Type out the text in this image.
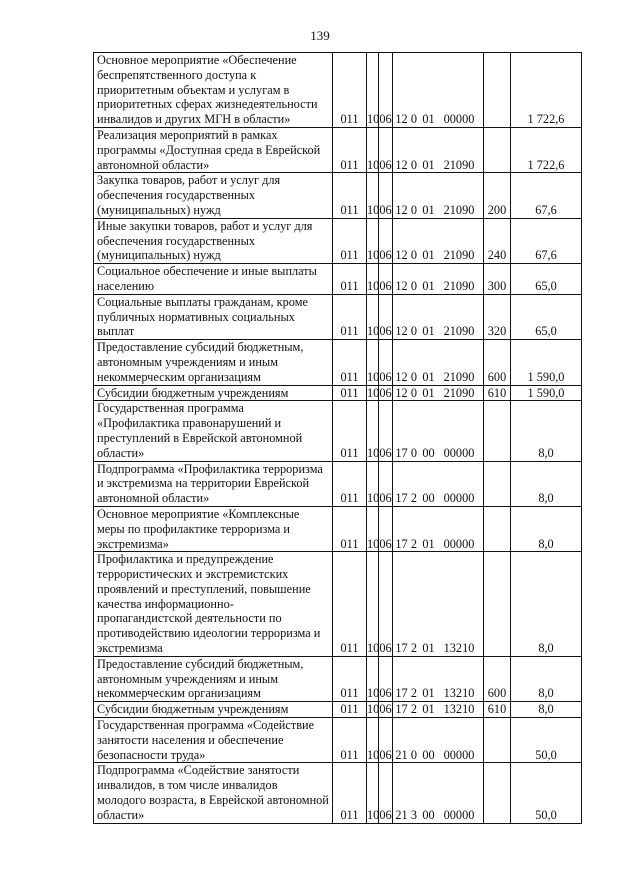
139
Основное мероприятие «Обеспечение беспрепятственного доступа к приоритетным объектам и услугам в приоритетных сферах жизнедеятельности инвалидов и других МГН в области»	011	10	06	12 0 01 00000		1 722,6
Реализация мероприятий в рамках программы «Доступная среда в Еврейской автономной области»	011	10	06	12 0 01 21090		1 722,6
Закупка товаров, работ и услуг для обеспечения государственных (муниципальных) нужд	011	10	06	12 0 01 21090	200	67,6
Иные закупки товаров, работ и услуг для обеспечения государственных (муниципальных) нужд	011	10	06	12 0 01 21090	240	67,6
Социальное обеспечение и иные выплаты населению	011	10	06	12 0 01 21090	300	65,0
Социальные выплаты гражданам, кроме публичных нормативных социальных выплат	011	10	06	12 0 01 21090	320	65,0
Предоставление субсидий бюджетным, автономным учреждениям и иным некоммерческим организациям	011	10	06	12 0 01 21090	600	1 590,0
Субсидии бюджетным учреждениям	011	10	06	12 0 01 21090	610	1 590,0
Государственная программа «Профилактика правонарушений и преступлений в Еврейской автономной области»	011	10	06	17 0 00 00000		8,0
Подпрограмма «Профилактика терроризма и экстремизма на территории Еврейской автономной области»	011	10	06	17 2 00 00000		8,0
Основное мероприятие «Комплексные меры по профилактике терроризма и экстремизма»	011	10	06	17 2 01 00000		8,0
Профилактика и предупреждение террористических и экстремистских проявлений и преступлений, повышение качества информационно-пропагандистской деятельности по противодействию идеологии терроризма и экстремизма	011	10	06	17 2 01 13210		8,0
Предоставление субсидий бюджетным, автономным учреждениям и иным некоммерческим организациям	011	10	06	17 2 01 13210	600	8,0
Субсидии бюджетным учреждениям	011	10	06	17 2 01 13210	610	8,0
Государственная программа «Содействие занятости населения и обеспечение безопасности труда»	011	10	06	21 0 00 00000		50,0
Подпрограмма «Содействие занятости инвалидов, в том числе инвалидов молодого возраста, в Еврейской автономной области»	011	10	06	21 3 00 00000		50,0
